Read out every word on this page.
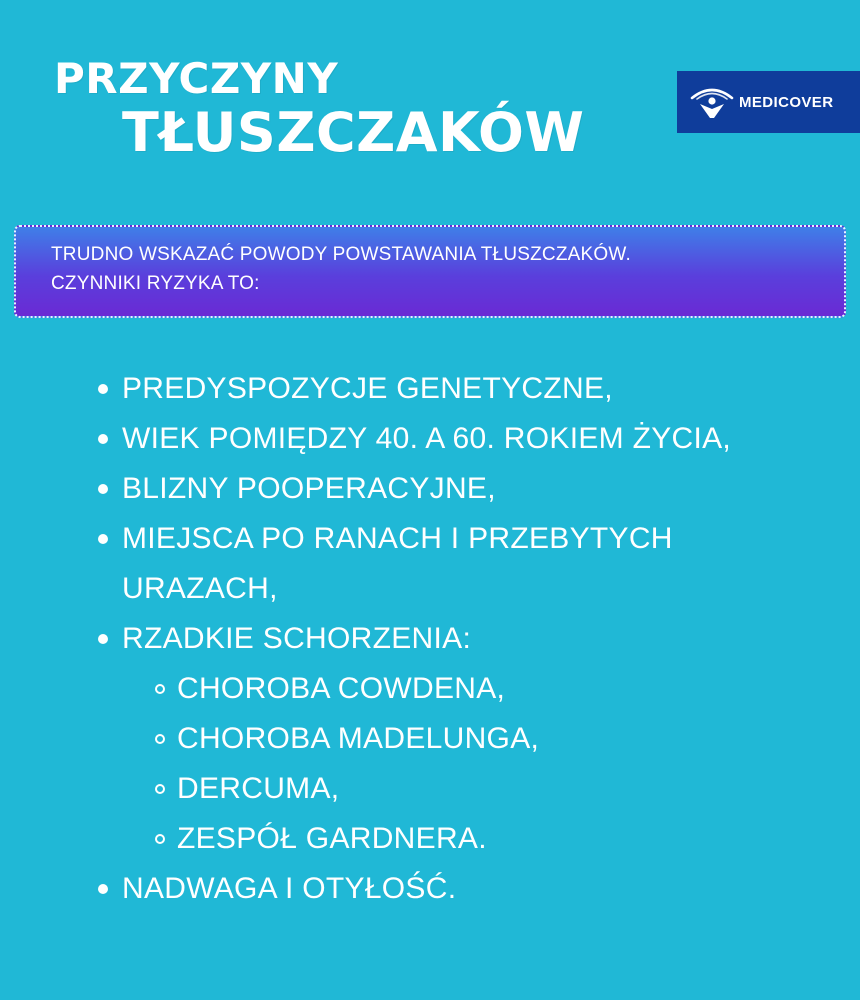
PRZYCZYNY
TŁUSZCZAKÓW	MEDICOVER

TRUDNO WSKAZAĆ POWODY POWSTAWANIA TŁUSZCZAKÓW.

CZYNNIKI RYZYKA TO:

PREDYSPOZYCJE GENETYCZNE,
WIEK POMIĘDZY 40. A 60. ROKIEM ŻYCIA,
BLIZNY POOPERACYJNE,
MIEJSCA PO RANACH I PRZEBYTYCH URAZACH,
RZADKIE SCHORZENIA:
CHOROBA COWDENA,
CHOROBA MADELUNGA,
DERCUMA,
ZESPÓŁ GARDNERA.
NADWAGA I OTYŁOŚĆ.
